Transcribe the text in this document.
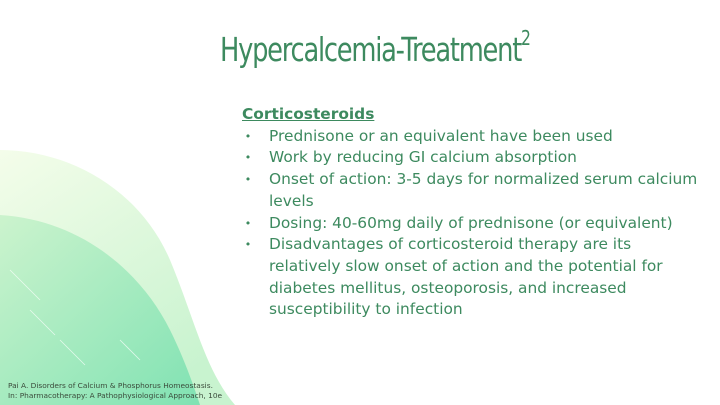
Hypercalcemia-Treatment$^2$
Corticosteroids
• Prednisone or an equivalent have been used
• Work by reducing GI calcium absorption
• Onset of action: 3-5 days for normalized serum calcium levels
• Dosing: 40-60mg daily of prednisone (or equivalent)
• Disadvantages of corticosteroid therapy are its relatively slow onset of action and the potential for diabetes mellitus, osteoporosis, and increased susceptibility to infection
Pai A. Disorders of Calcium & Phosphorus Homeostasis.
In: Pharmacotherapy: A Pathophysiological Approach, 10e
